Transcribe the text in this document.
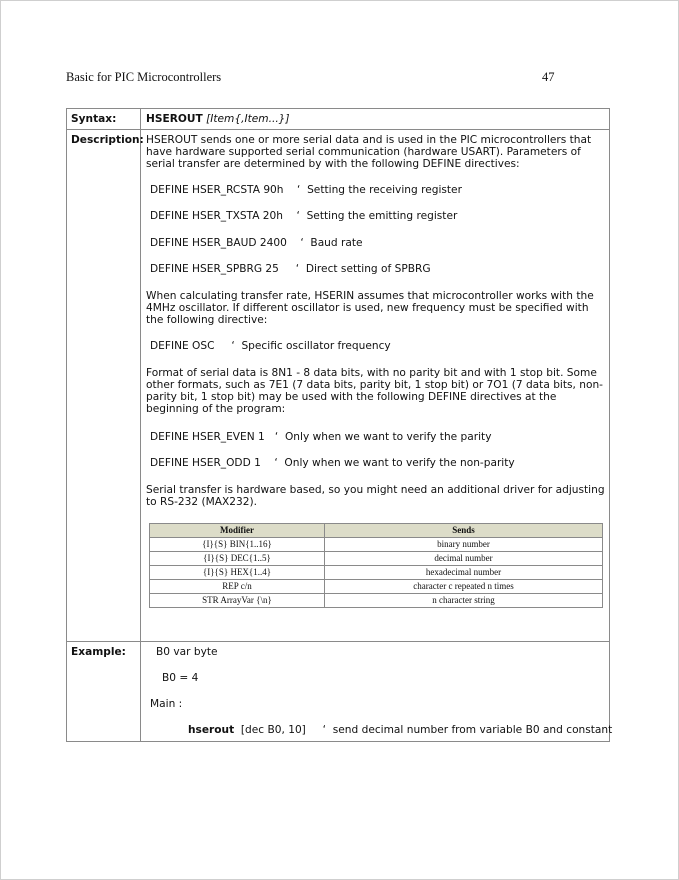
Basic for PIC Microcontrollers	47
Syntax:	HSEROUT [Item{,Item...}]
Description: HSEROUT sends one or more serial data and is used in the PIC microcontrollers that have hardware supported serial communication (hardware USART). Parameters of serial transfer are determined by with the following DEFINE directives:

DEFINE HSER_RCSTA 90h    ‘  Setting the receiving register

DEFINE HSER_TXSTA 20h    ‘  Setting the emitting register

DEFINE HSER_BAUD 2400    ‘  Baud rate

DEFINE HSER_SPBRG 25     ‘  Direct setting of SPBRG

When calculating transfer rate, HSERIN assumes that microcontroller works with the 4MHz oscillator. If different oscillator is used, new frequency must be specified with the following directive:

DEFINE OSC     ‘  Specific oscillator frequency

Format of serial data is 8N1 - 8 data bits, with no parity bit and with 1 stop bit. Some other formats, such as 7E1 (7 data bits, parity bit, 1 stop bit) or 7O1 (7 data bits, non-parity bit, 1 stop bit) may be used with the following DEFINE directives at the beginning of the program:

DEFINE HSER_EVEN 1   ‘  Only when we want to verify the parity

DEFINE HSER_ODD 1    ‘  Only when we want to verify the non-parity

Serial transfer is hardware based, so you might need an additional driver for adjusting to RS-232 (MAX232).

Modifier	Sends
{I}{S} BIN{1..16}	binary number
{I}{S} DEC{1..5}	decimal number
{I}{S} HEX{1..4}	hexadecimal number
REP c/n	character c repeated n times
STR ArrayVar {\n}	n character string
Example:	B0 var byte
B0 = 4
Main :
hserout  [dec B0, 10]     ‘  send decimal number from variable B0 and constant
